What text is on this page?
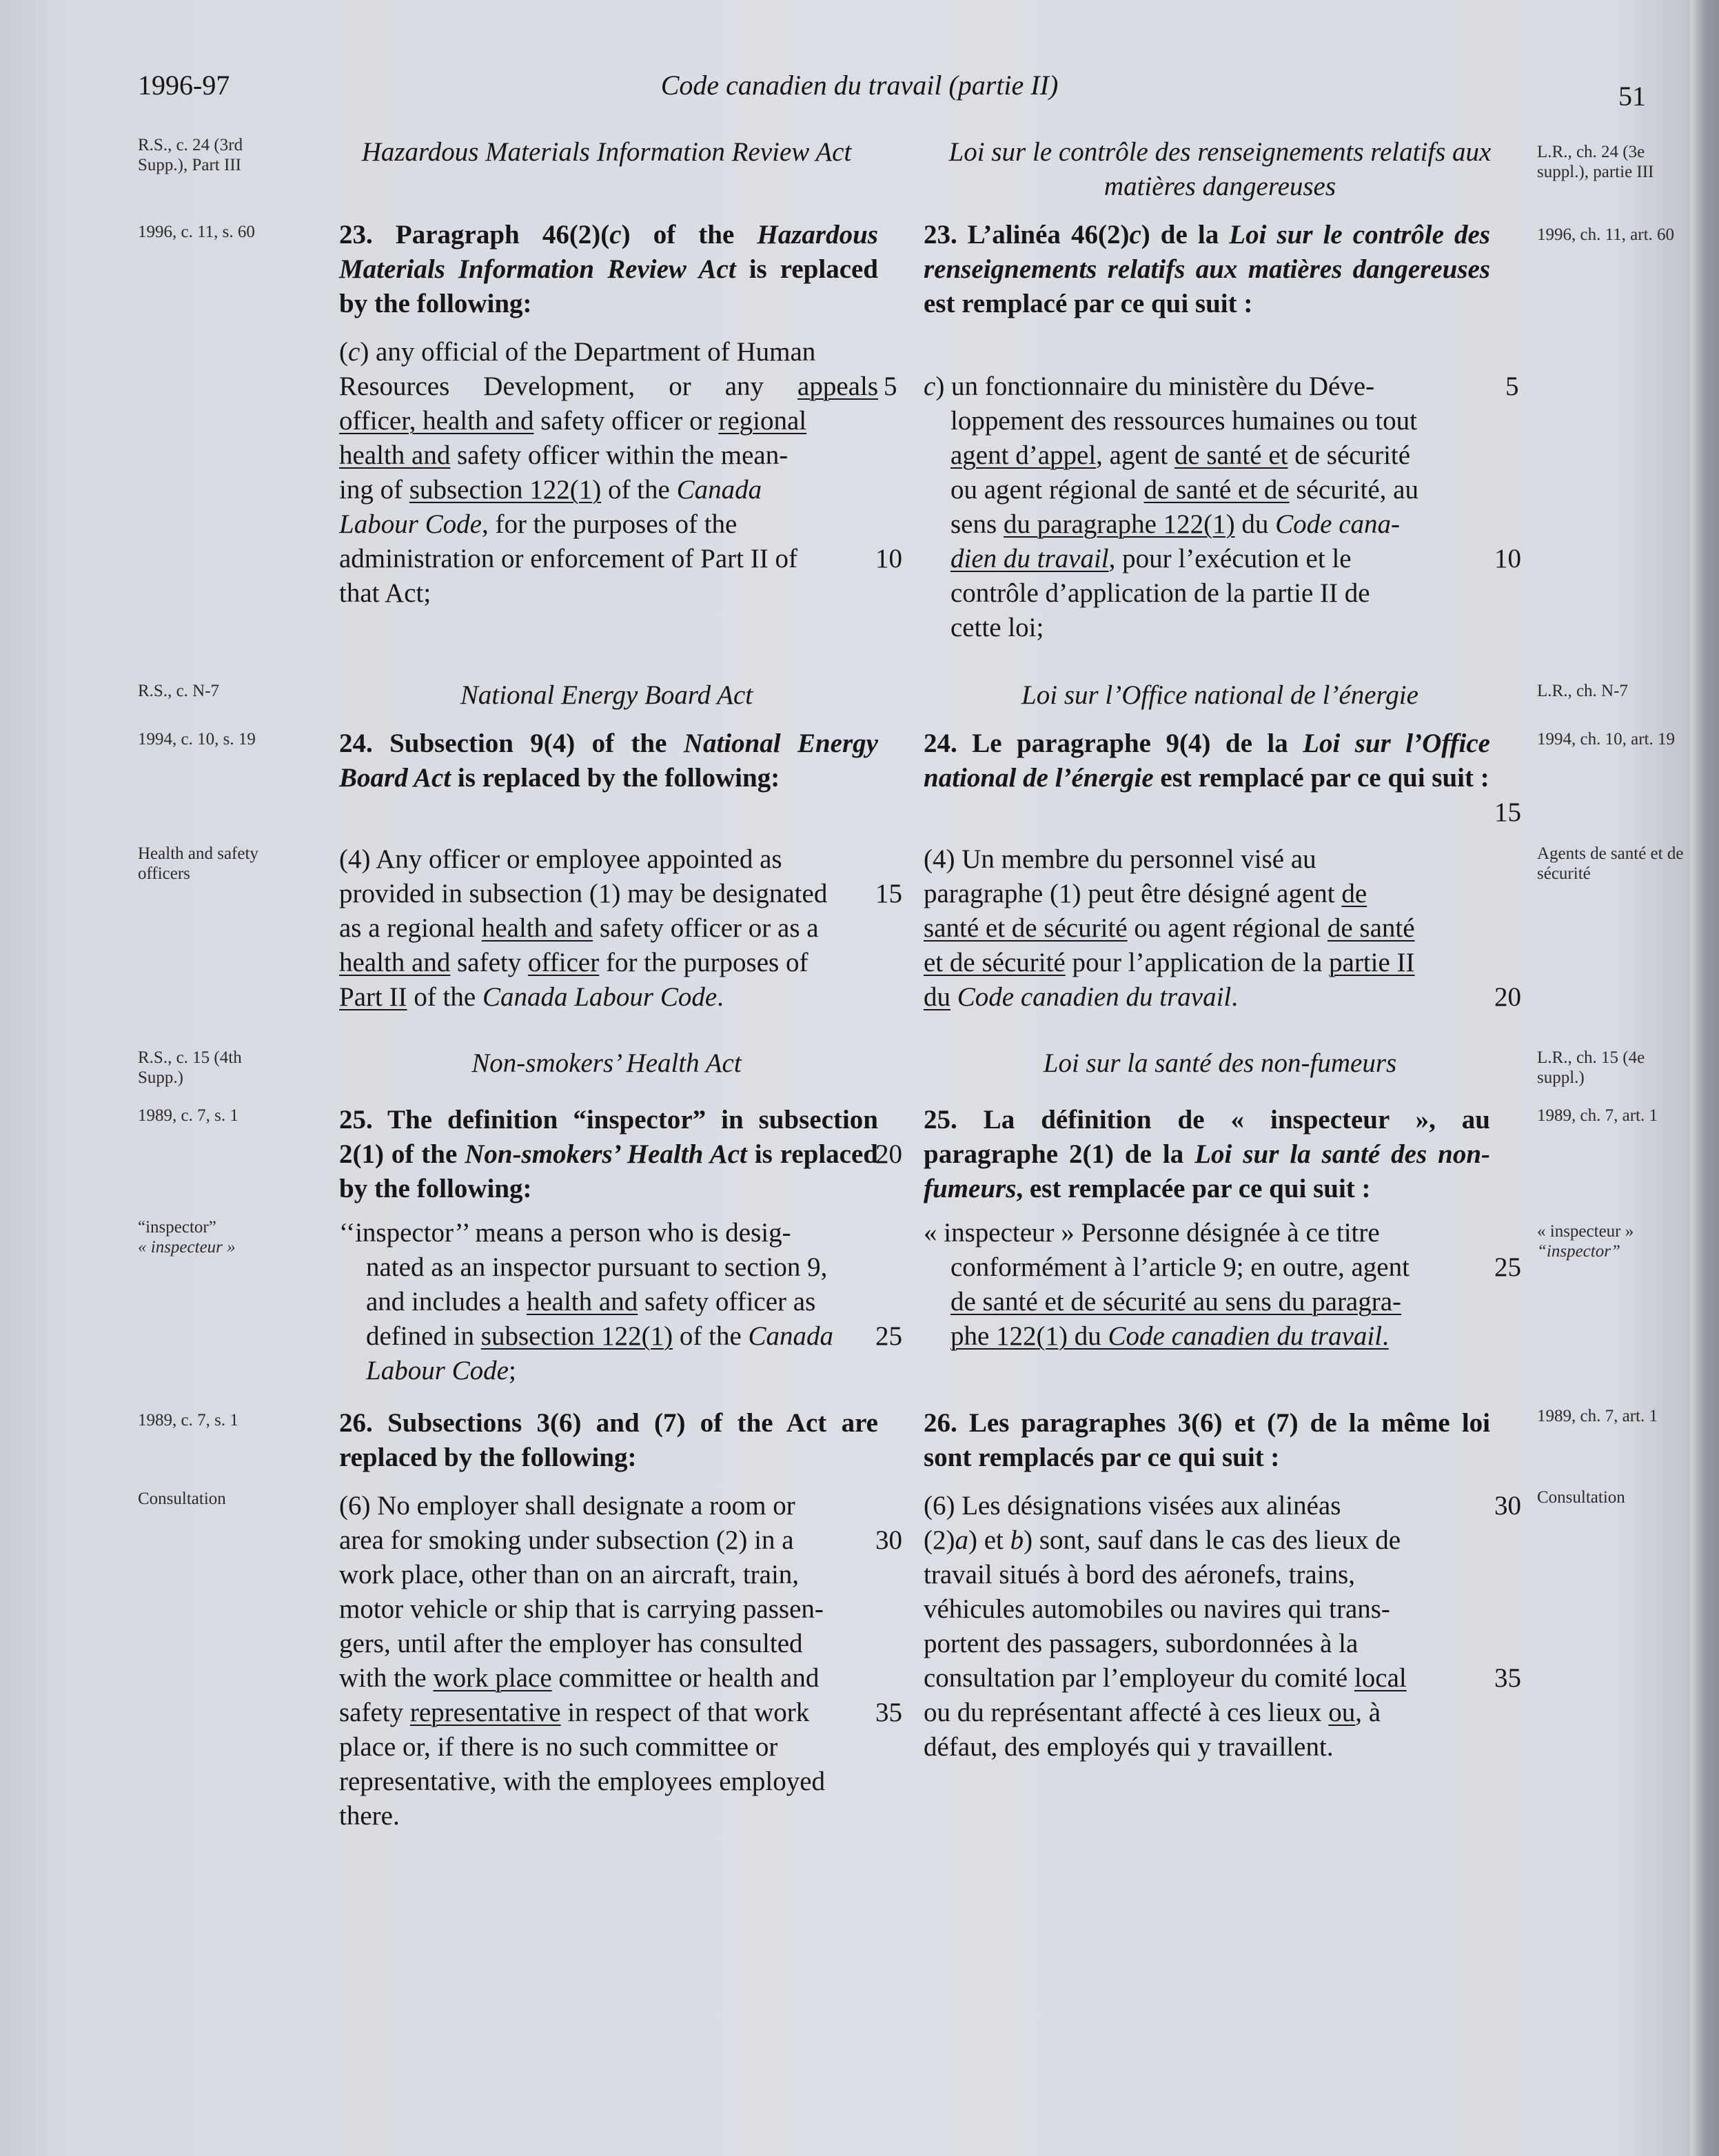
1996-97	Code canadien du travail (partie II)	51
R.S., c. 24 (3rd Supp.), Part III
1996, c. 11, s. 60
R.S., c. N-7
1994, c. 10, s. 19
Health and safety officers
R.S., c. 15 (4th Supp.)
1989, c. 7, s. 1
“inspector”
« inspecteur »
1989, c. 7, s. 1
Consultation
L.R., ch. 24 (3e suppl.), partie III
1996, ch. 11, art. 60
L.R., ch. N-7
1994, ch. 10, art. 19
Agents de santé et de sécurité
L.R., ch. 15 (4e suppl.)
1989, ch. 7, art. 1
« inspecteur »
“inspector”
1989, ch. 7, art. 1
Consultation
Hazardous Materials Information Review Act
23. Paragraph 46(2)(c) of the Hazardous Materials Information Review Act is replaced by the following:
(c) any official of the Department of Human
Resources Development, or any appeals
officer, health and safety officer or regional
health and safety officer within the mean-
ing of subsection 122(1) of the Canada
Labour Code, for the purposes of the
administration or enforcement of Part II of
that Act;
National Energy Board Act
24. Subsection 9(4) of the National Energy Board Act is replaced by the following:
(4) Any officer or employee appointed as
provided in subsection (1) may be designated
as a regional health and safety officer or as a
health and safety officer for the purposes of
Part II of the Canada Labour Code.
Non-smokers’ Health Act
25. The definition “inspector” in subsection 2(1) of the Non-smokers’ Health Act is replaced by the following:
‘‘inspector’’ means a person who is desig-
nated as an inspector pursuant to section 9,
and includes a health and safety officer as
defined in subsection 122(1) of the Canada
Labour Code;
26. Subsections 3(6) and (7) of the Act are replaced by the following:
(6) No employer shall designate a room or
area for smoking under subsection (2) in a
work place, other than on an aircraft, train,
motor vehicle or ship that is carrying passen-
gers, until after the employer has consulted
with the work place committee or health and
safety representative in respect of that work
place or, if there is no such committee or
representative, with the employees employed
there.
Loi sur le contrôle des renseignements relatifs aux matières dangereuses
23. L’alinéa 46(2)c) de la Loi sur le contrôle des renseignements relatifs aux matières dangereuses est remplacé par ce qui suit :
c) un fonctionnaire du ministère du Déve-
loppement des ressources humaines ou tout
agent d’appel, agent de santé et de sécurité
ou agent régional de santé et de sécurité, au
sens du paragraphe 122(1) du Code cana-
dien du travail, pour l’exécution et le
contrôle d’application de la partie II de
cette loi;
Loi sur l’Office national de l’énergie
24. Le paragraphe 9(4) de la Loi sur l’Office national de l’énergie est remplacé par ce qui suit :
(4) Un membre du personnel visé au
paragraphe (1) peut être désigné agent de
santé et de sécurité ou agent régional de santé
et de sécurité pour l’application de la partie II
du Code canadien du travail.
Loi sur la santé des non-fumeurs
25. La définition de « inspecteur », au paragraphe 2(1) de la Loi sur la santé des non-fumeurs, est remplacée par ce qui suit :
« inspecteur » Personne désignée à ce titre
conformément à l’article 9; en outre, agent
de santé et de sécurité au sens du paragra-
phe 122(1) du Code canadien du travail.
26. Les paragraphes 3(6) et (7) de la même loi sont remplacés par ce qui suit :
(6) Les désignations visées aux alinéas
(2)a) et b) sont, sauf dans le cas des lieux de
travail situés à bord des aéronefs, trains,
véhicules automobiles ou navires qui trans-
portent des passagers, subordonnées à la
consultation par l’employeur du comité local
ou du représentant affecté à ces lieux ou, à
défaut, des employés qui y travaillent.
5
10
15
20
25
30
35
5
10
15
20
25
30
35
